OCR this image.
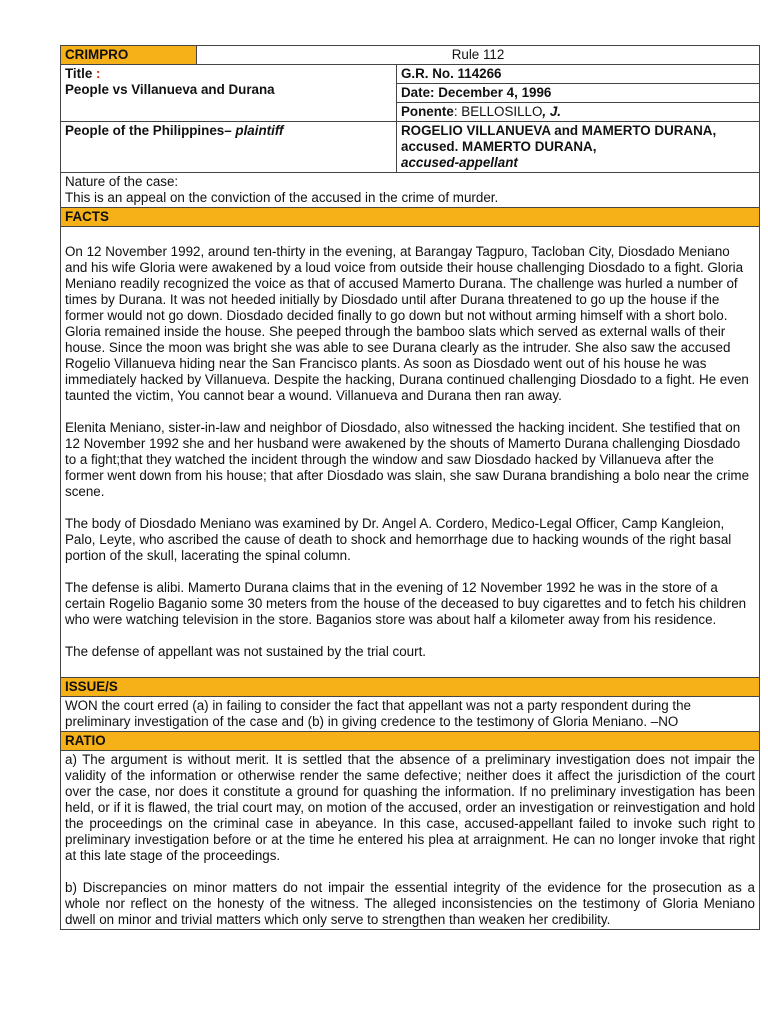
CRIMPRO	Rule 112	
Title :
People vs Villanueva and Durana		G.R. No. 114266
		Date: December 4, 1996
		Ponente: BELLOSILLO, J.
People of the Philippines– plaintiff		ROGELIO VILLANUEVA and MAMERTO DURANA, accused. MAMERTO DURANA,
accused-appellant

Nature of the case:

This is an appeal on the conviction of the accused in the crime of murder.		

FACTS		

On 12 November 1992, around ten-thirty in the evening, at Barangay Tagpuro, Tacloban City, Diosdado Meniano and his wife Gloria were awakened by a loud voice from outside their house challenging Diosdado to a fight. Gloria Meniano readily recognized the voice as that of accused Mamerto Durana. The challenge was hurled a number of times by Durana. It was not heeded initially by Diosdado until after Durana threatened to go up the house if the former would not go down. Diosdado decided finally to go down but not without arming himself with a short bolo. Gloria remained inside the house. She peeped through the bamboo slats which served as external walls of their house. Since the moon was bright she was able to see Durana clearly as the intruder. She also saw the accused Rogelio Villanueva hiding near the San Francisco plants. As soon as Diosdado went out of his house he was immediately hacked by Villanueva. Despite the hacking, Durana continued challenging Diosdado to a fight. He even taunted the victim, You cannot bear a wound. Villanueva and Durana then ran away.

Elenita Meniano, sister-in-law and neighbor of Diosdado, also witnessed the hacking incident. She testified that on 12 November 1992 she and her husband were awakened by the shouts of Mamerto Durana challenging Diosdado to a fight;that they watched the incident through the window and saw Diosdado hacked by Villanueva after the former went down from his house; that after Diosdado was slain, she saw Durana brandishing a bolo near the crime scene.

The body of Diosdado Meniano was examined by Dr. Angel A. Cordero, Medico-Legal Officer, Camp Kangleion, Palo, Leyte, who ascribed the cause of death to shock and hemorrhage due to hacking wounds of the right basal portion of the skull, lacerating the spinal column.

The defense is alibi. Mamerto Durana claims that in the evening of 12 November 1992 he was in the store of a certain Rogelio Baganio some 30 meters from the house of the deceased to buy cigarettes and to fetch his children who were watching television in the store. Baganios store was about half a kilometer away from his residence.

The defense of appellant was not sustained by the trial court.		

ISSUE/S		
WON the court erred (a) in failing to consider the fact that appellant was not a party respondent during the preliminary investigation of the case and (b) in giving credence to the testimony of Gloria Meniano. –NO		
RATIO		

a) The argument is without merit. It is settled that the absence of a preliminary investigation does not impair the validity of the information or otherwise render the same defective; neither does it affect the jurisdiction of the court over the case, nor does it constitute a ground for quashing the information. If no preliminary investigation has been held, or if it is flawed, the trial court may, on motion of the accused, order an investigation or reinvestigation and hold the proceedings on the criminal case in abeyance. In this case, accused-appellant failed to invoke such right to preliminary investigation before or at the time he entered his plea at arraignment. He can no longer invoke that right at this late stage of the proceedings.

b) Discrepancies on minor matters do not impair the essential integrity of the evidence for the prosecution as a whole nor reflect on the honesty of the witness. The alleged inconsistencies on the testimony of Gloria Meniano dwell on minor and trivial matters which only serve to strengthen than weaken her credibility.		
